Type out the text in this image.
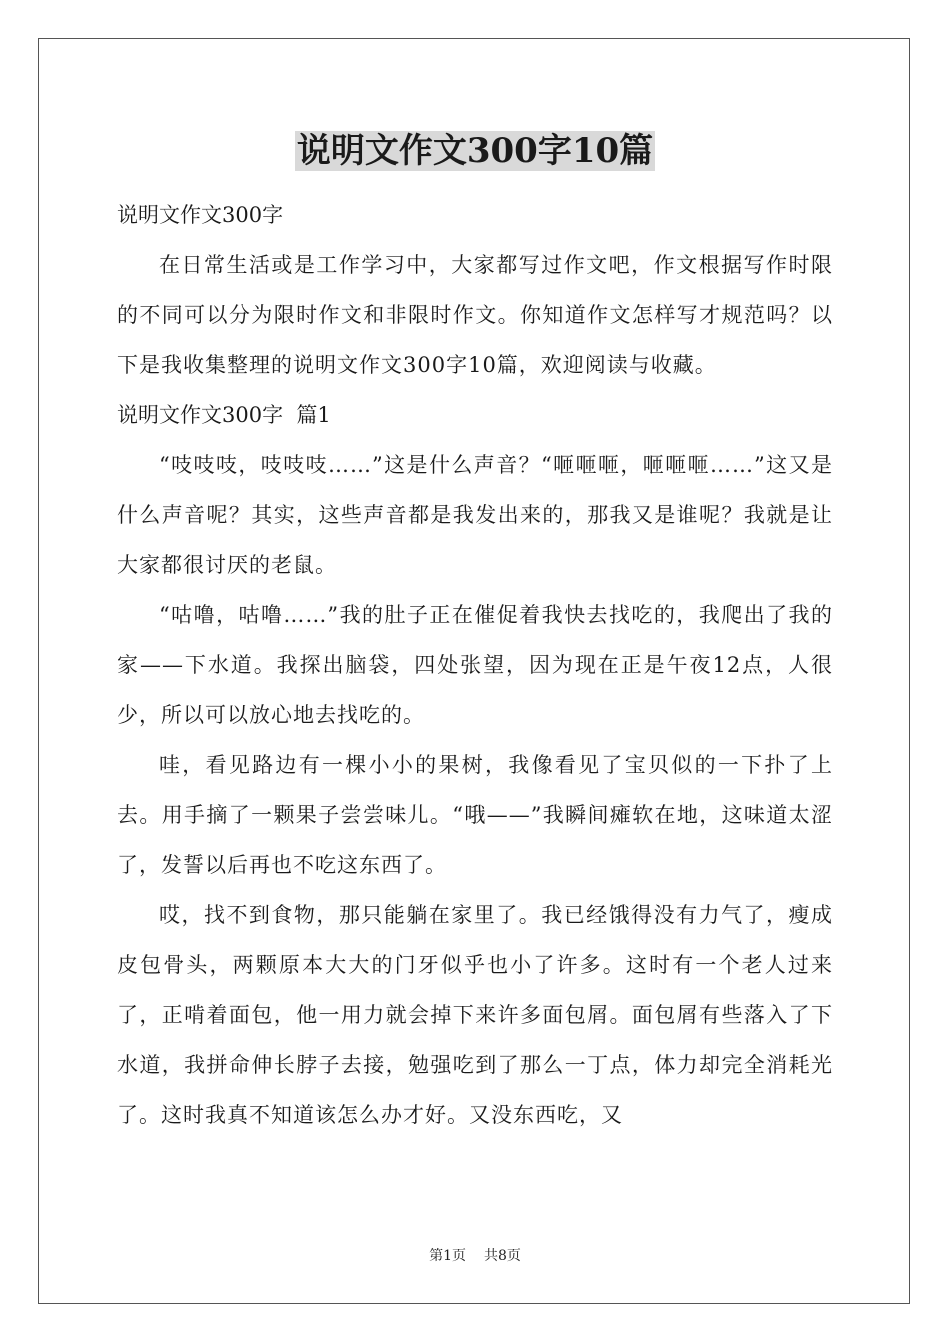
说明文作文300字10篇

说明文作文300字

在日常生活或是工作学习中，大家都写过作文吧，作文根据写作时限的不同可以分为限时作文和非限时作文。你知道作文怎样写才规范吗？以下是我收集整理的说明文作文300字10篇，欢迎阅读与收藏。

说明文作文300字  篇1

“吱吱吱，吱吱吱……”这是什么声音？“咂咂咂，咂咂咂……”这又是什么声音呢？其实，这些声音都是我发出来的，那我又是谁呢？我就是让大家都很讨厌的老鼠。

“咕噜，咕噜……”我的肚子正在催促着我快去找吃的，我爬出了我的家——下水道。我探出脑袋，四处张望，因为现在正是午夜12点，人很少，所以可以放心地去找吃的。

哇，看见路边有一棵小小的果树，我像看见了宝贝似的一下扑了上去。用手摘了一颗果子尝尝味儿。“哦——”我瞬间瘫软在地，这味道太涩了，发誓以后再也不吃这东西了。

哎，找不到食物，那只能躺在家里了。我已经饿得没有力气了，瘦成皮包骨头，两颗原本大大的门牙似乎也小了许多。这时有一个老人过来了，正啃着面包，他一用力就会掉下来许多面包屑。面包屑有些落入了下水道，我拼命伸长脖子去接，勉强吃到了那么一丁点，体力却完全消耗光了。这时我真不知道该怎么办才好。又没东西吃，又

第1页 共8页
